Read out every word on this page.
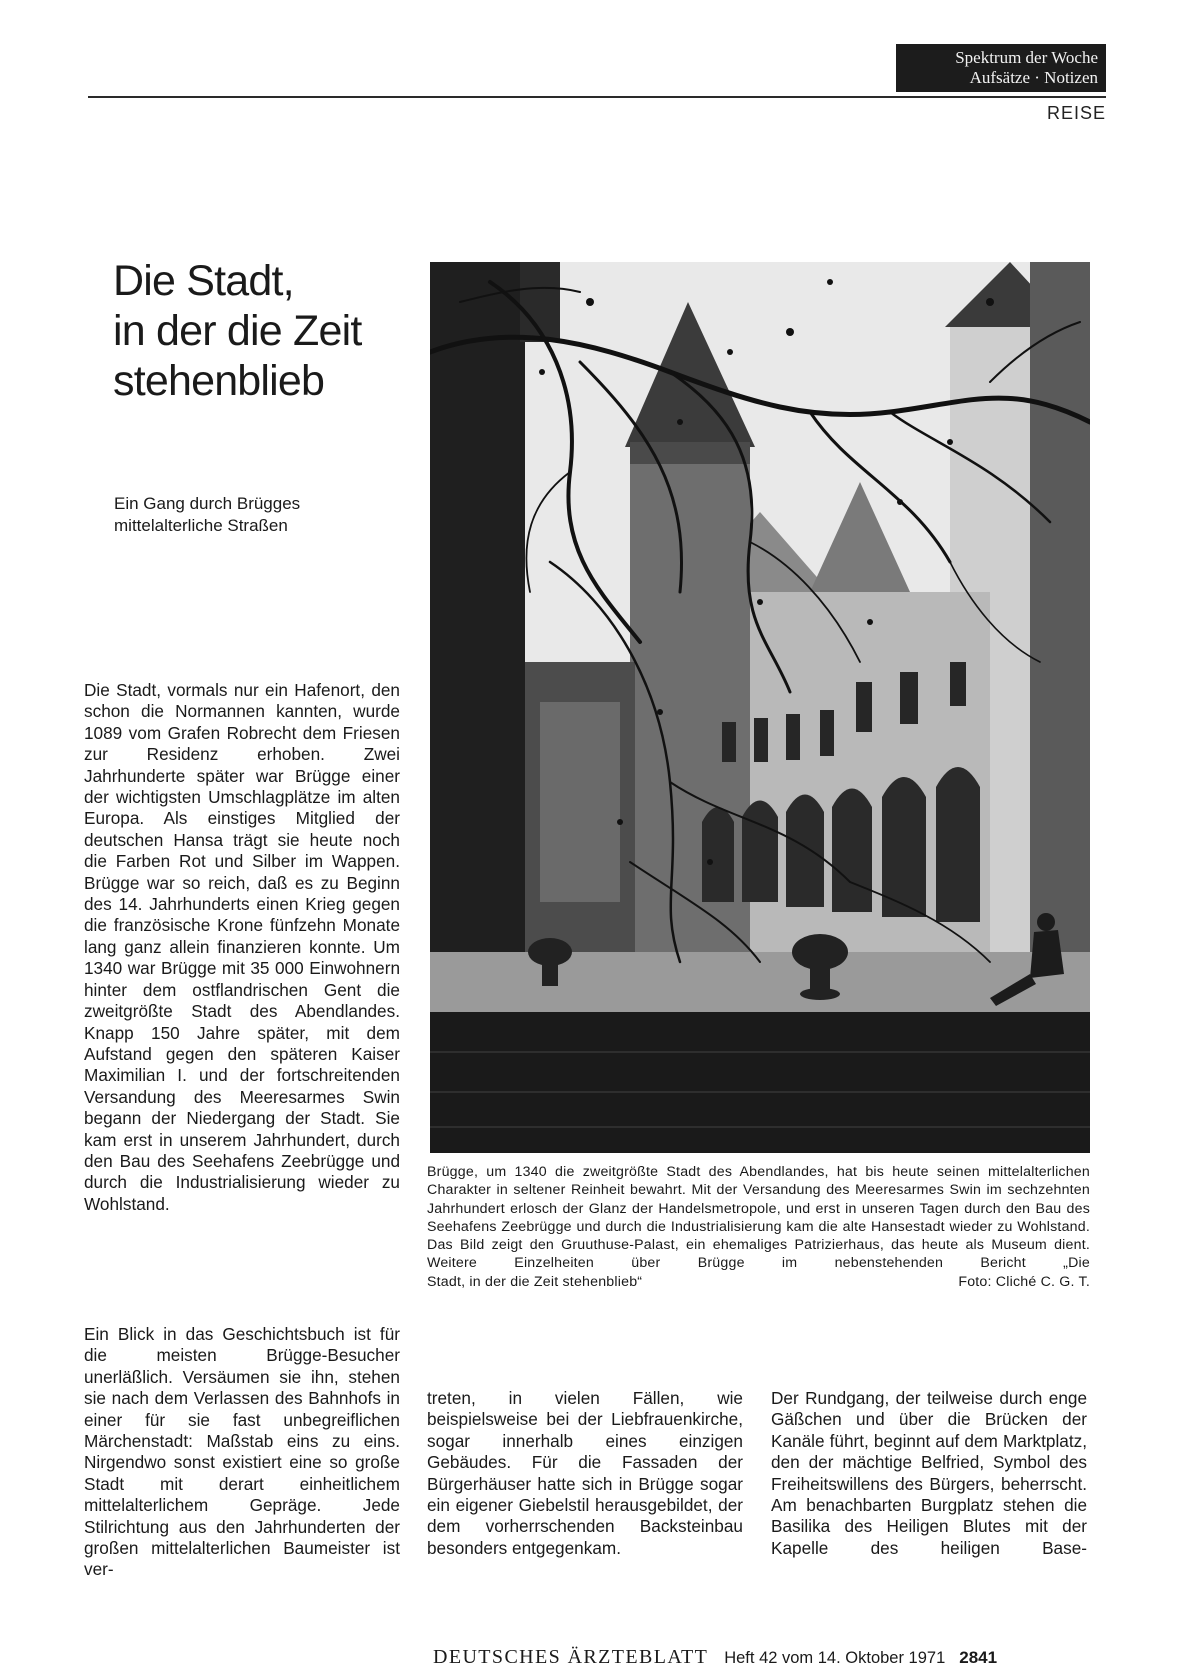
Spektrum der Woche
Aufsätze · Notizen
REISE
Die Stadt,
in der die Zeit
stehenblieb
Ein Gang durch Brügges
mittelalterliche Straßen

Die Stadt, vormals nur ein Hafenort, den schon die Normannen kannten, wurde 1089 vom Grafen Robrecht dem Friesen zur Residenz erhoben. Zwei Jahrhunderte später war Brügge einer der wichtigsten Umschlagplätze im alten Europa. Als einstiges Mitglied der deutschen Hansa trägt sie heute noch die Farben Rot und Silber im Wappen. Brügge war so reich, daß es zu Beginn des 14. Jahrhunderts einen Krieg gegen die französische Krone fünfzehn Monate lang ganz allein finanzieren konnte. Um 1340 war Brügge mit 35 000 Einwohnern hinter dem ostflandrischen Gent die zweitgrößte Stadt des Abendlandes. Knapp 150 Jahre später, mit dem Aufstand gegen den späteren Kaiser Maximilian I. und der fortschreitenden Versandung des Meeresarmes Swin begann der Niedergang der Stadt. Sie kam erst in unserem Jahrhundert, durch den Bau des Seehafens Zeebrügge und durch die Industrialisierung wieder zu Wohlstand.

Ein Blick in das Geschichtsbuch ist für die meisten Brügge-Besucher unerläßlich. Versäumen sie ihn, stehen sie nach dem Verlassen des Bahnhofs in einer für sie fast unbegreiflichen Märchenstadt: Maßstab eins zu eins. Nirgendwo sonst existiert eine so große Stadt mit derart einheitlichem mittelalterlichem Gepräge. Jede Stilrichtung aus den Jahrhunderten der großen mittelalterlichen Baumeister ist ver-

treten, in vielen Fällen, wie beispielsweise bei der Liebfrauenkirche, sogar innerhalb eines einzigen Gebäudes. Für die Fassaden der Bürgerhäuser hatte sich in Brügge sogar ein eigener Giebelstil herausgebildet, der dem vorherrschenden Backsteinbau besonders entgegenkam.

Der Rundgang, der teilweise durch enge Gäßchen und über die Brücken der Kanäle führt, beginnt auf dem Marktplatz, den der mächtige Belfried, Symbol des Freiheitswillens des Bürgers, beherrscht. Am benachbarten Burgplatz stehen die Basilika des Heiligen Blutes mit der Kapelle des heiligen Base-

Brügge, um 1340 die zweitgrößte Stadt des Abendlandes, hat bis heute seinen mittelalterlichen Charakter in seltener Reinheit bewahrt. Mit der Versandung des Meeresarmes Swin im sechzehnten Jahrhundert erlosch der Glanz der Handelsmetropole, und erst in unseren Tagen durch den Bau des Seehafens Zeebrügge und durch die Industrialisierung kam die alte Hansestadt wieder zu Wohlstand. Das Bild zeigt den Gruuthuse-Palast, ein ehemaliges Patrizierhaus, das heute als Museum dient. Weitere Einzelheiten über Brügge im nebenstehenden Bericht „Die
Stadt, in der die Zeit stehenblieb“	Foto: Cliché C. G. T.
DEUTSCHES ÄRZTEBLATT Heft 42 vom 14. Oktober 1971 2841
